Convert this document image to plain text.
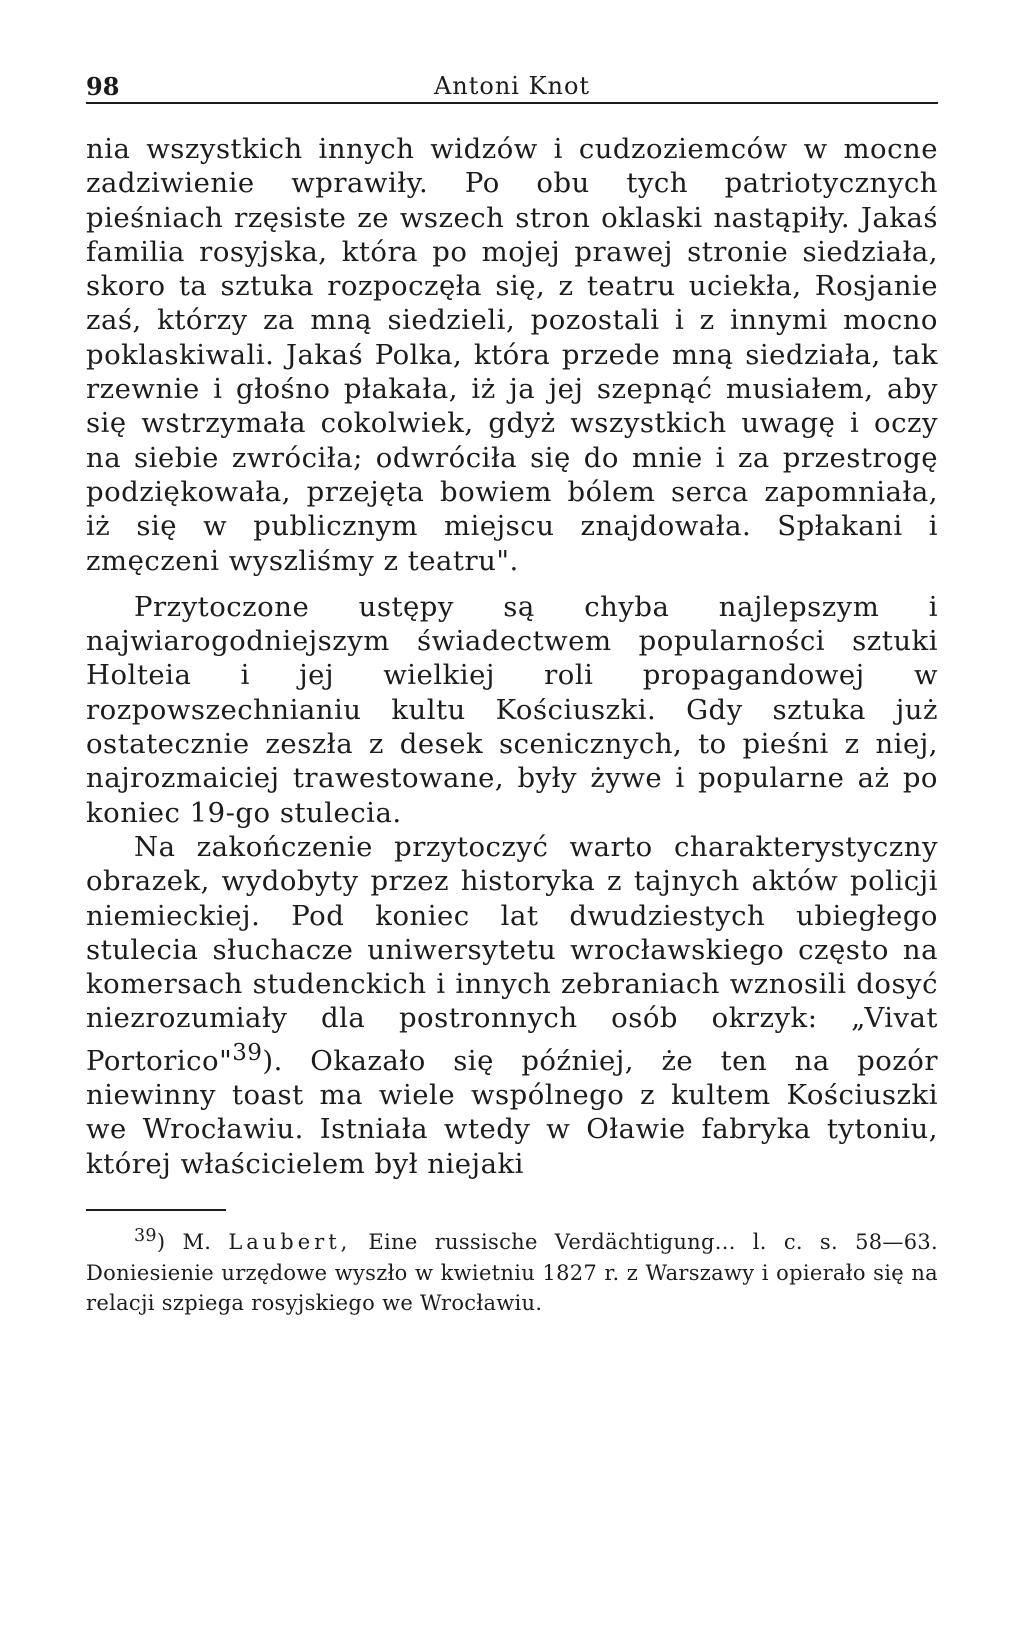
98	Antoni Knot

nia wszystkich innych widzów i cudzoziemców w mocne zadziwienie wprawiły. Po obu tych patriotycznych pieśniach rzęsiste ze wszech stron oklaski nastąpiły. Jakaś familia rosyjska, która po mojej prawej stronie siedziała, skoro ta sztuka rozpoczęła się, z teatru uciekła, Rosjanie zaś, którzy za mną siedzieli, pozostali i z innymi mocno poklaskiwali. Jakaś Polka, która przede mną siedziała, tak rzewnie i głośno płakała, iż ja jej szepnąć musiałem, aby się wstrzymała cokolwiek, gdyż wszystkich uwagę i oczy na siebie zwróciła; odwróciła się do mnie i za przestrogę podziękowała, przejęta bowiem bólem serca zapomniała, iż się w publicznym miejscu znajdowała. Spłakani i zmęczeni wyszliśmy z teatru".

Przytoczone ustępy są chyba najlepszym i najwiarogodniejszym świadectwem popularności sztuki Holteia i jej wielkiej roli propagandowej w rozpowszechnianiu kultu Kościuszki. Gdy sztuka już ostatecznie zeszła z desek scenicznych, to pieśni z niej, najrozmaiciej trawestowane, były żywe i popularne aż po koniec 19-go stulecia.

Na zakończenie przytoczyć warto charakterystyczny obrazek, wydobyty przez historyka z tajnych aktów policji niemieckiej. Pod koniec lat dwudziestych ubiegłego stulecia słuchacze uniwersytetu wrocławskiego często na komersach studenckich i innych zebraniach wznosili dosyć niezrozumiały dla postronnych osób okrzyk: „Vivat Portorico"$^{39}$). Okazało się później, że ten na pozór niewinny toast ma wiele wspólnego z kultem Kościuszki we Wrocławiu. Istniała wtedy w Oławie fabryka tytoniu, której właścicielem był niejaki

$^{39}$) M. Laubert, Eine russische Verdächtigung... l. c. s. 58—63. Doniesienie urzędowe wyszło w kwietniu 1827 r. z Warszawy i opierało się na relacji szpiega rosyjskiego we Wrocławiu.
